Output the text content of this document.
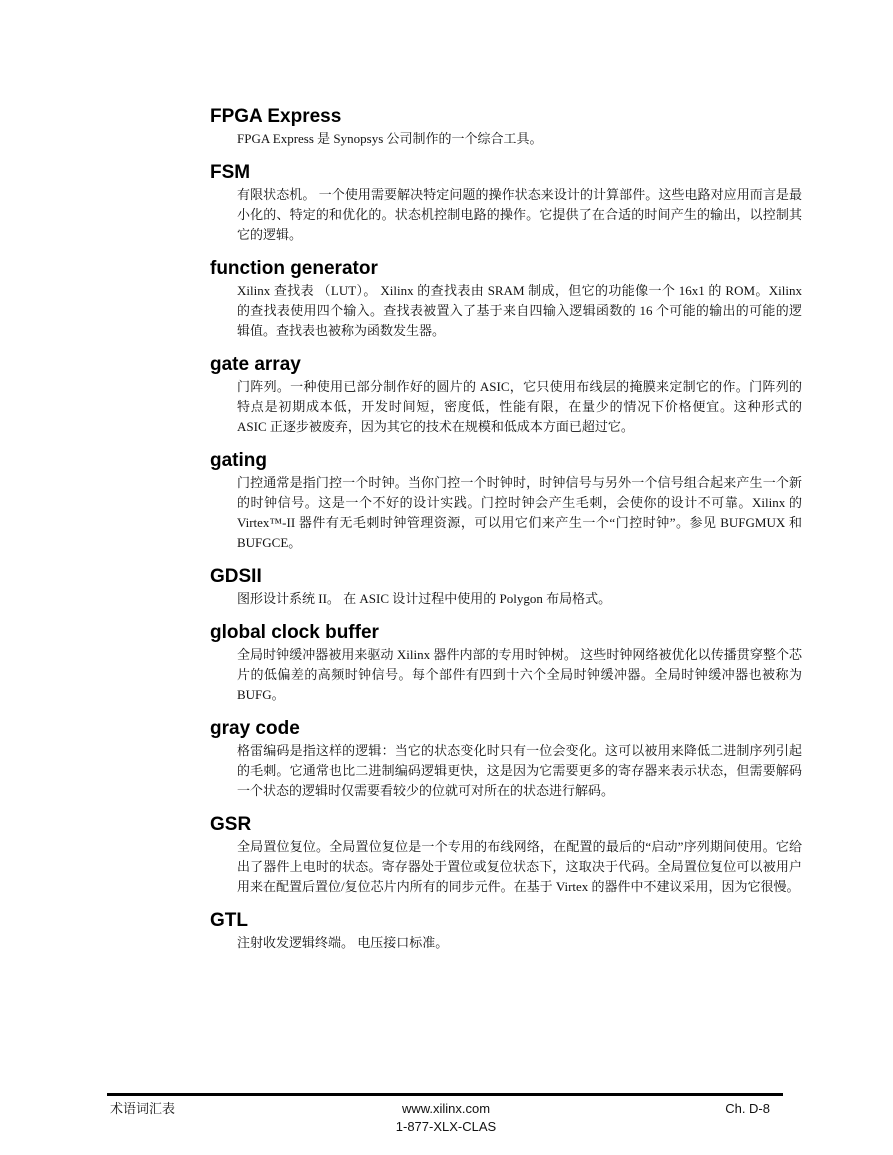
FPGA Express
FPGA Express 是 Synopsys 公司制作的一个综合工具。
FSM
有限状态机。 一个使用需要解决特定问题的操作状态来设计的计算部件。这些电路对应用而言是最小化的、特定的和优化的。状态机控制电路的操作。它提供了在合适的时间产生的输出，以控制其它的逻辑。
function generator
Xilinx 查找表 （LUT）。 Xilinx 的查找表由 SRAM 制成，但它的功能像一个 16x1 的 ROM。Xilinx 的查找表使用四个输入。查找表被置入了基于来自四输入逻辑函数的 16 个可能的输出的可能的逻辑值。查找表也被称为函数发生器。
gate array
门阵列。一种使用已部分制作好的圆片的 ASIC，它只使用布线层的掩膜来定制它的作。门阵列的特点是初期成本低，开发时间短，密度低，性能有限，在量少的情况下价格便宜。这种形式的 ASIC 正逐步被废弃，因为其它的技术在规模和低成本方面已超过它。
gating
门控通常是指门控一个时钟。当你门控一个时钟时，时钟信号与另外一个信号组合起来产生一个新的时钟信号。这是一个不好的设计实践。门控时钟会产生毛刺，会使你的设计不可靠。Xilinx 的 Virtex™-II 器件有无毛刺时钟管理资源，可以用它们来产生一个“门控时钟”。参见 BUFGMUX 和 BUFGCE。
GDSII
图形设计系统 II。 在 ASIC 设计过程中使用的 Polygon 布局格式。
global clock buffer
全局时钟缓冲器被用来驱动 Xilinx 器件内部的专用时钟树。 这些时钟网络被优化以传播贯穿整个芯片的低偏差的高频时钟信号。每个部件有四到十六个全局时钟缓冲器。全局时钟缓冲器也被称为 BUFG。
gray code
格雷编码是指这样的逻辑：当它的状态变化时只有一位会变化。这可以被用来降低二进制序列引起的毛刺。它通常也比二进制编码逻辑更快，这是因为它需要更多的寄存器来表示状态，但需要解码一个状态的逻辑时仅需要看较少的位就可对所在的状态进行解码。
GSR
全局置位复位。全局置位复位是一个专用的布线网络，在配置的最后的“启动”序列期间使用。它给出了器件上电时的状态。寄存器处于置位或复位状态下，这取决于代码。全局置位复位可以被用户用来在配置后置位/复位芯片内所有的同步元件。在基于 Virtex 的器件中不建议采用，因为它很慢。
GTL
注射收发逻辑终端。 电压接口标准。
术语词汇表	www.xilinx.com
1-877-XLX-CLAS
Ch. D-8
